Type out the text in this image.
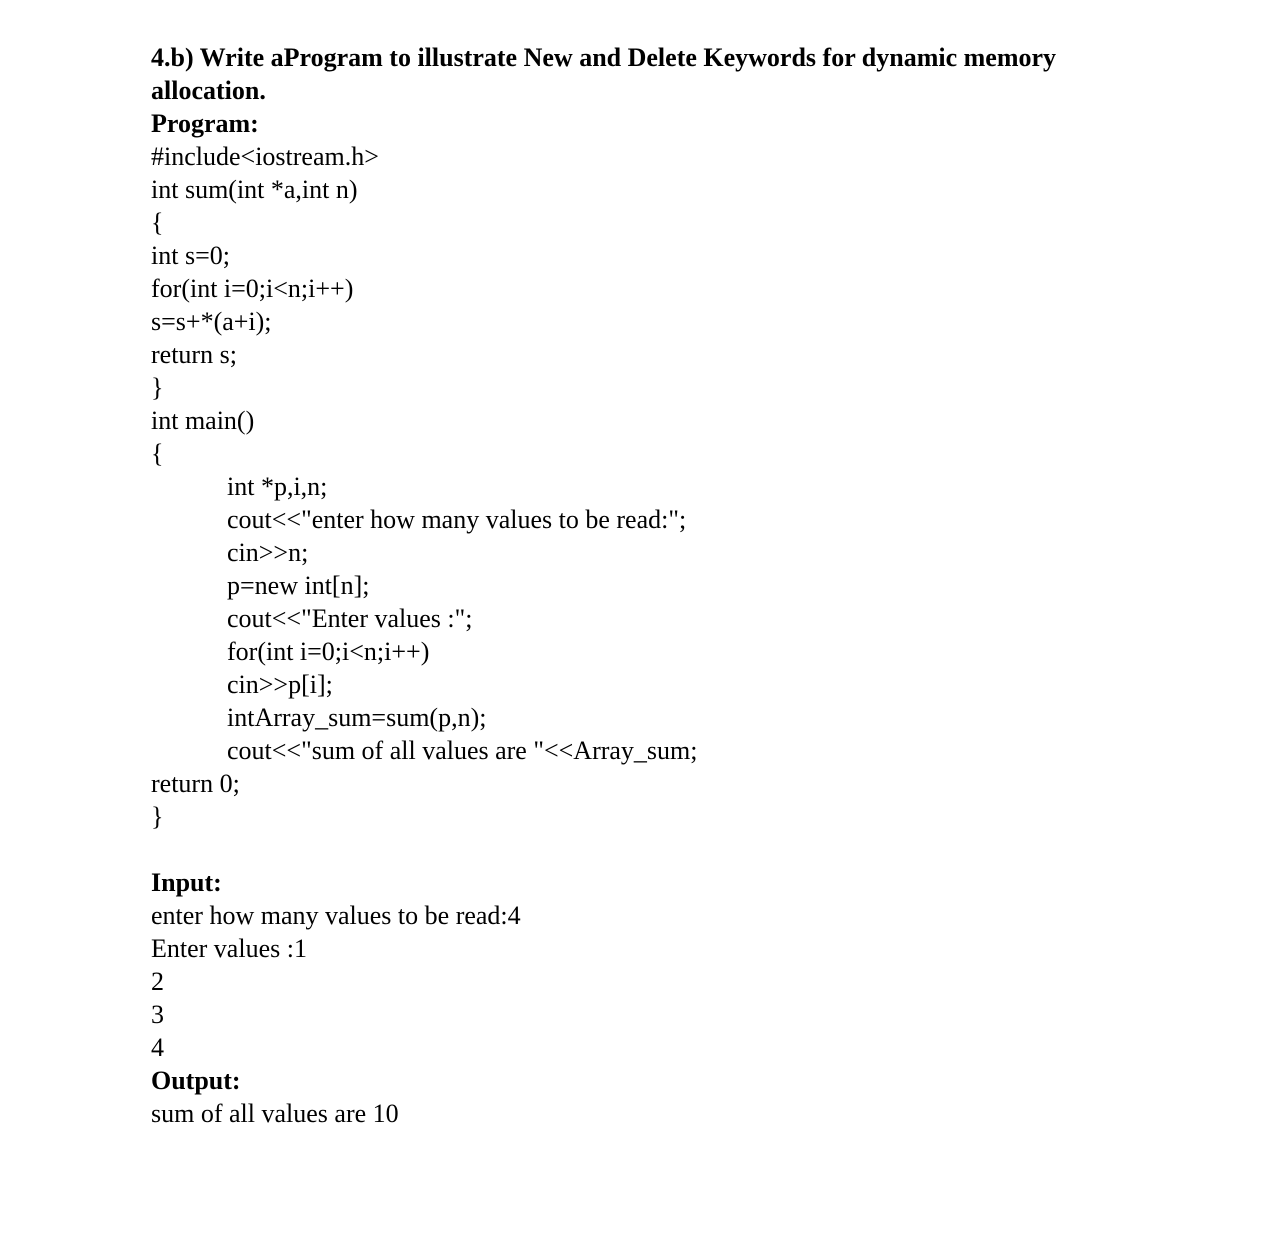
4.b) Write aProgram to illustrate New and Delete Keywords for dynamic memory
allocation.
Program:
#include<iostream.h>
int sum(int *a,int n)
{
int s=0;
for(int i=0;i<n;i++)
s=s+*(a+i);
return s;
}
int main()
{
int *p,i,n;
cout<<"enter how many values to be read:";
cin>>n;
p=new int[n];
cout<<"Enter values :";
for(int i=0;i<n;i++)
cin>>p[i];
intArray_sum=sum(p,n);
cout<<"sum of all values are "<<Array_sum;
return 0;
}
Input:
enter how many values to be read:4
Enter values :1
2
3
4
Output:
sum of all values are 10
